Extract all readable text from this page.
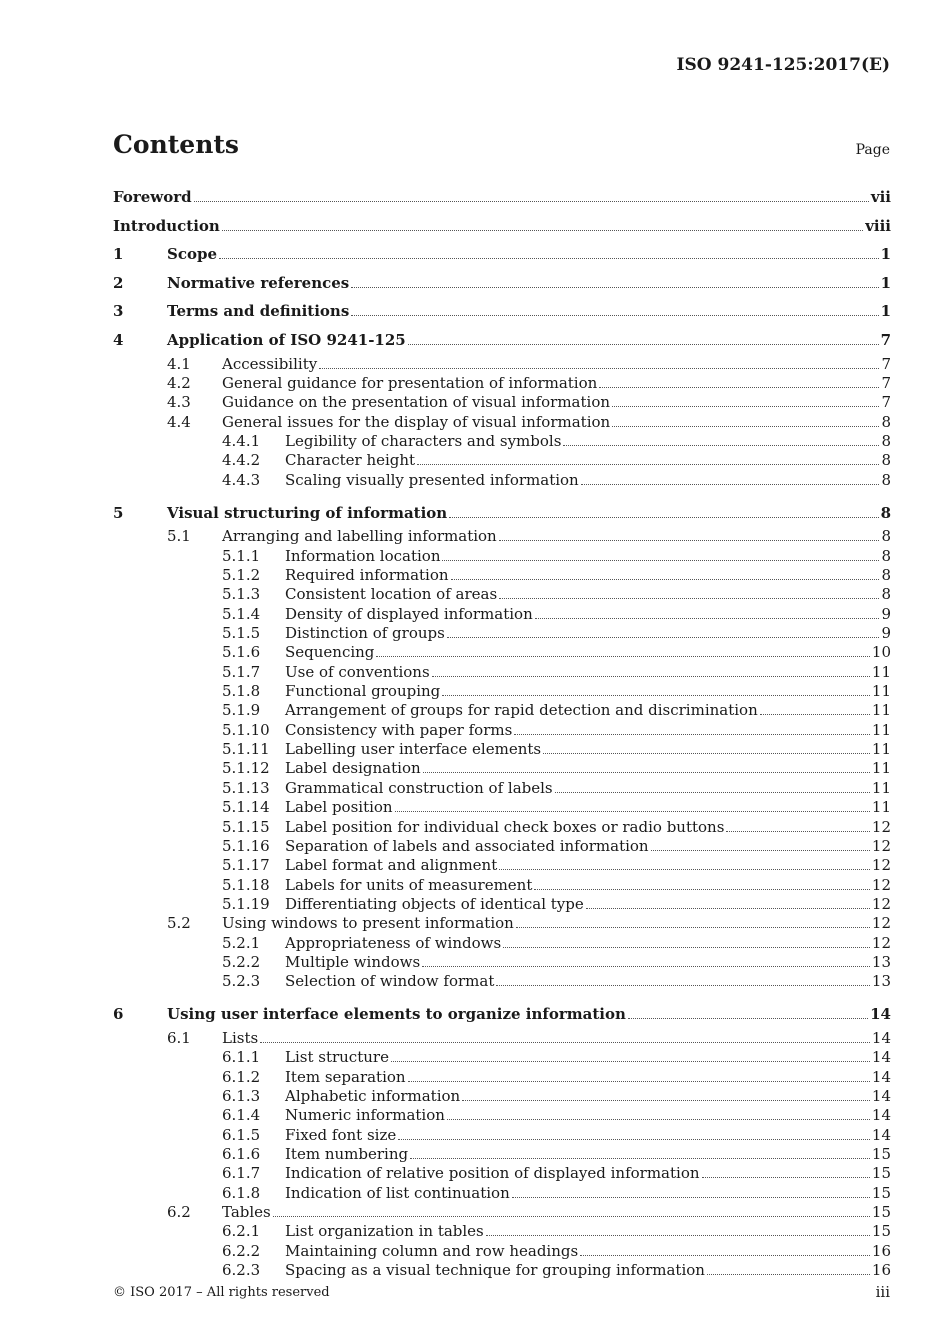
ISO 9241-125:2017(E)
Contents	Page
Foreword	vii
Introduction	viii
1	Scope	1
2	Normative references	1
3	Terms and definitions	1
4	Application of ISO 9241-125	7
4.1	Accessibility	7
4.2	General guidance for presentation of information	7
4.3	Guidance on the presentation of visual information	7
4.4	General issues for the display of visual information	8
4.4.1	Legibility of characters and symbols	8
4.4.2	Character height	8
4.4.3	Scaling visually presented information	8
5	Visual structuring of information	8
5.1	Arranging and labelling information	8
5.1.1	Information location	8
5.1.2	Required information	8
5.1.3	Consistent location of areas	8
5.1.4	Density of displayed information	9
5.1.5	Distinction of groups	9
5.1.6	Sequencing	10
5.1.7	Use of conventions	11
5.1.8	Functional grouping	11
5.1.9	Arrangement of groups for rapid detection and discrimination	11
5.1.10	Consistency with paper forms	11
5.1.11	Labelling user interface elements	11
5.1.12	Label designation	11
5.1.13	Grammatical construction of labels	11
5.1.14	Label position	11
5.1.15	Label position for individual check boxes or radio buttons	12
5.1.16	Separation of labels and associated information	12
5.1.17	Label format and alignment	12
5.1.18	Labels for units of measurement	12
5.1.19	Differentiating objects of identical type	12
5.2	Using windows to present information	12
5.2.1	Appropriateness of windows	12
5.2.2	Multiple windows	13
5.2.3	Selection of window format	13
6	Using user interface elements to organize information	14
6.1	Lists	14
6.1.1	List structure	14
6.1.2	Item separation	14
6.1.3	Alphabetic information	14
6.1.4	Numeric information	14
6.1.5	Fixed font size	14
6.1.6	Item numbering	15
6.1.7	Indication of relative position of displayed information	15
6.1.8	Indication of list continuation	15
6.2	Tables	15
6.2.1	List organization in tables	15
6.2.2	Maintaining column and row headings	16
6.2.3	Spacing as a visual technique for grouping information	16
© ISO 2017 – All rights reserved	iii
